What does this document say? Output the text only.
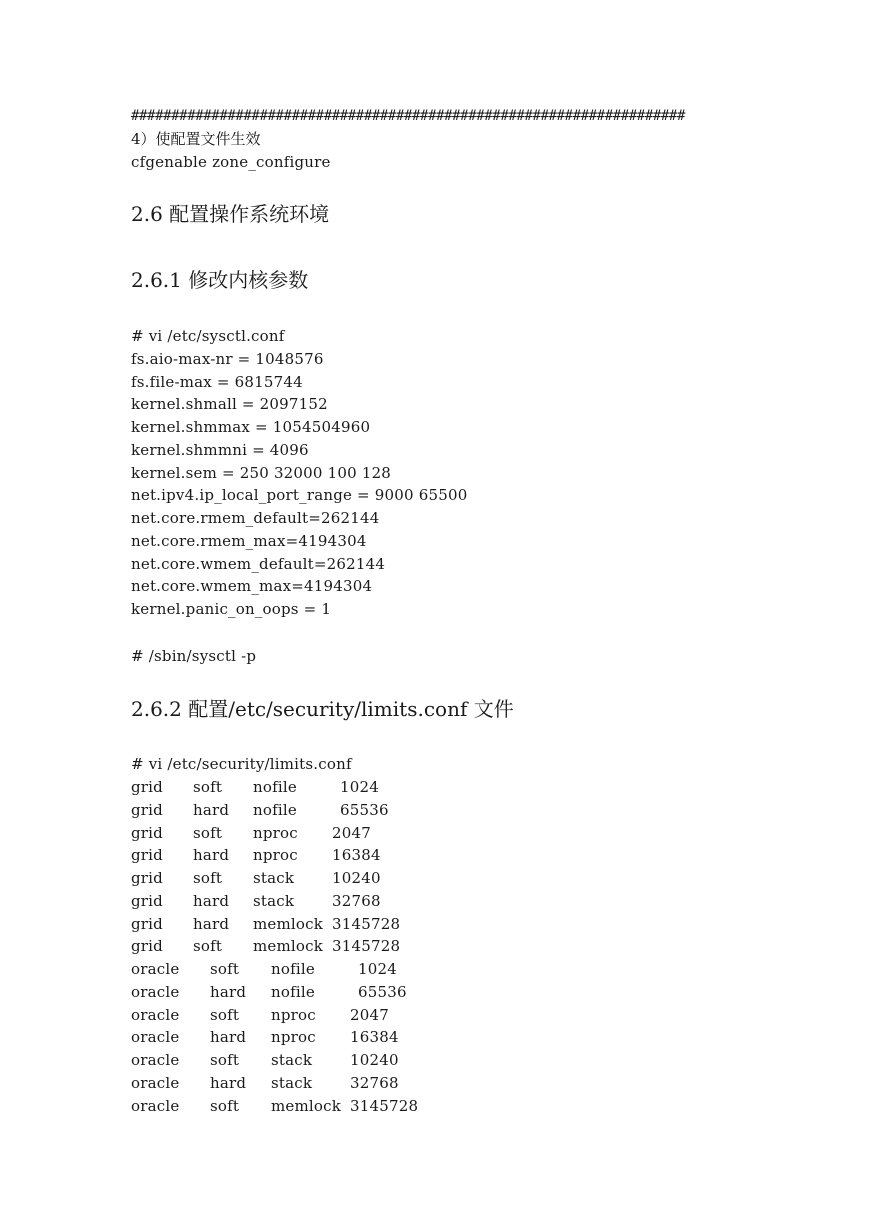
#####################################################################
4）使配置文件生效
cfgenable zone_configure
2.6 配置操作系统环境
2.6.1 修改内核参数
# vi /etc/sysctl.conf
fs.aio-max-nr = 1048576
fs.file-max = 6815744
kernel.shmall = 2097152
kernel.shmmax = 1054504960
kernel.shmmni = 4096
kernel.sem = 250 32000 100 128
net.ipv4.ip_local_port_range = 9000 65500
net.core.rmem_default=262144
net.core.rmem_max=4194304
net.core.wmem_default=262144
net.core.wmem_max=4194304
kernel.panic_on_oops = 1
# /sbin/sysctl -p
2.6.2 配置/etc/security/limits.conf 文件
# vi /etc/security/limits.conf
grid soft nofile	1024
grid hard nofile	65536
grid soft nproc 2047
grid hard nproc 16384
grid soft stack	10240
grid hard stack	32768
grid hard memlock 3145728
grid soft memlock 3145728
oracle soft nofile	1024
oracle hard nofile	65536
oracle soft nproc 2047
oracle hard nproc 16384
oracle soft stack	10240
oracle hard stack	32768
oracle soft memlock 3145728
